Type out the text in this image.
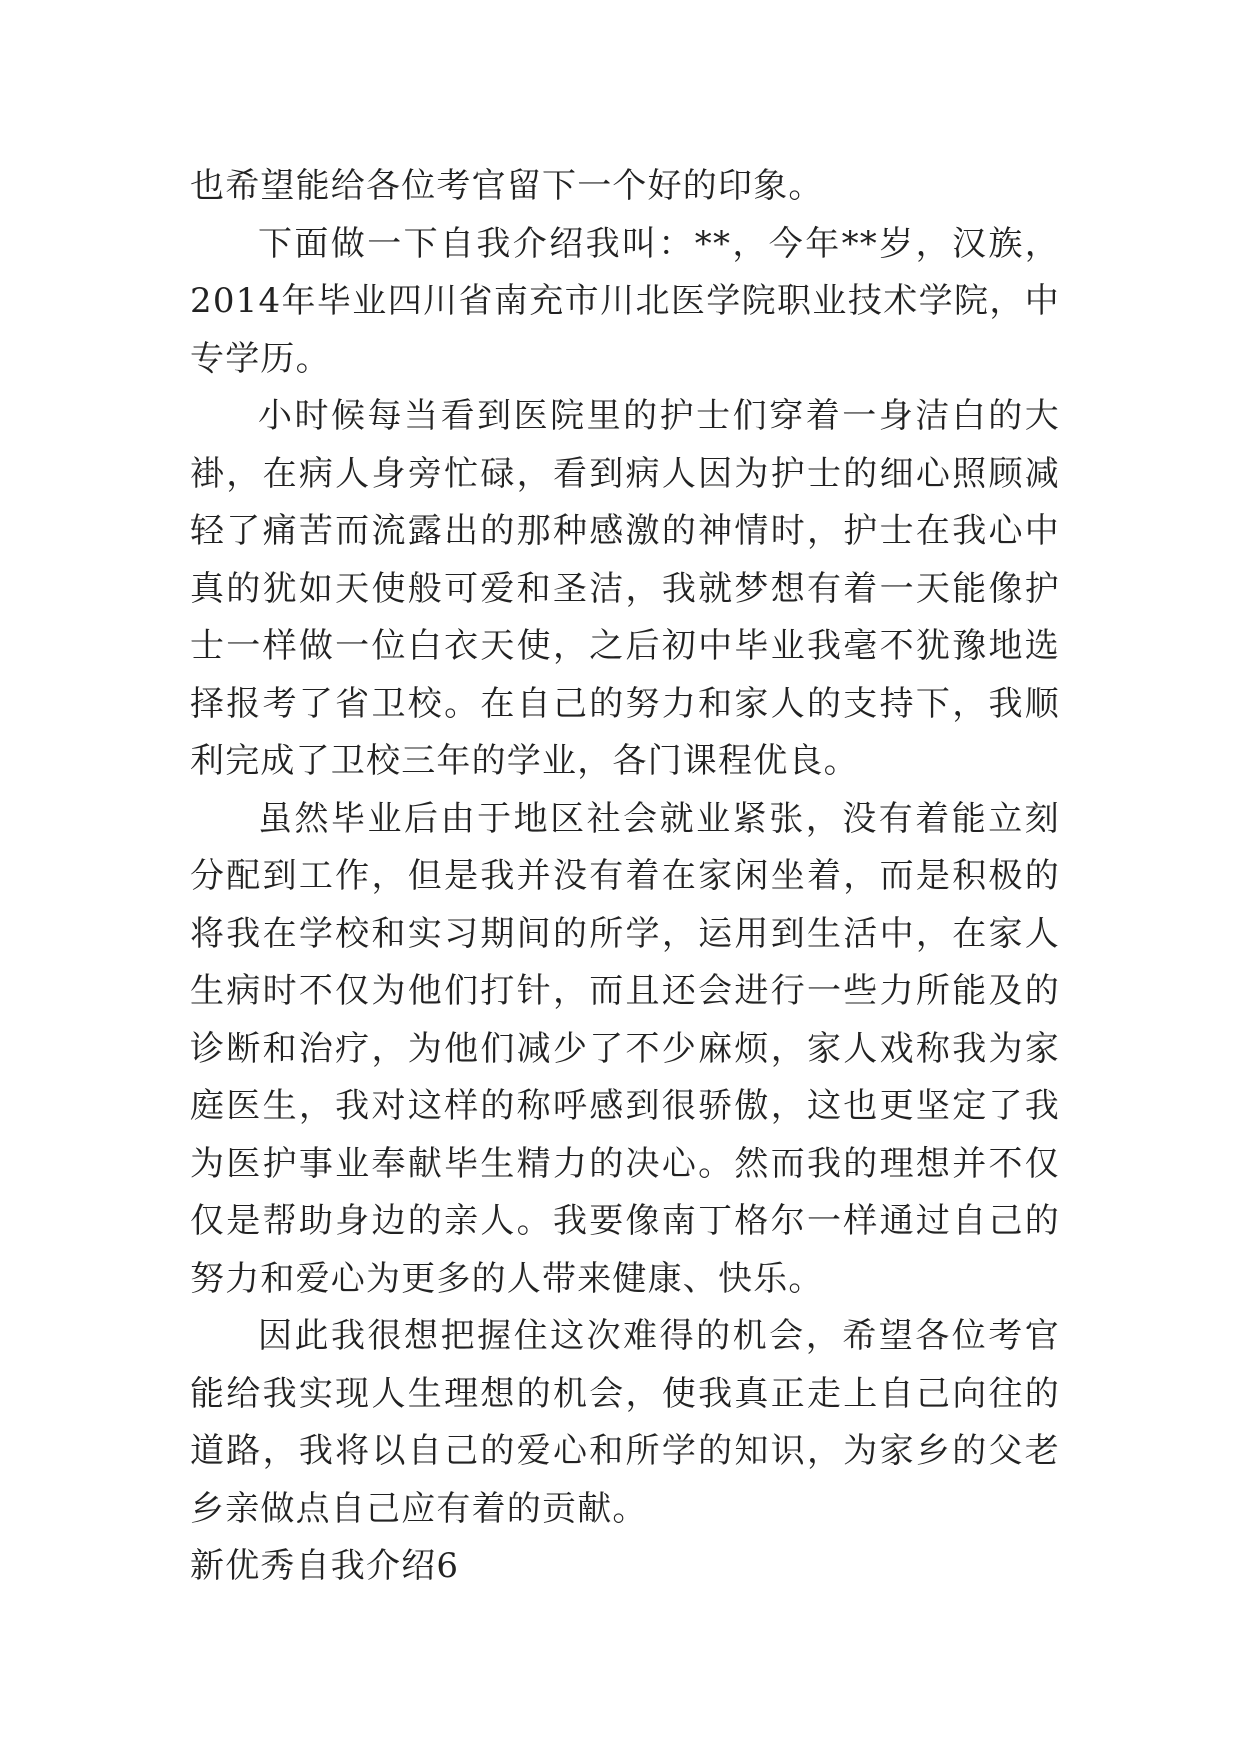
也希望能给各位考官留下一个好的印象。

下面做一下自我介绍我叫：**，今年**岁，汉族，2014年毕业四川省南充市川北医学院职业技术学院，中专学历。

小时候每当看到医院里的护士们穿着一身洁白的大褂，在病人身旁忙碌，看到病人因为护士的细心照顾减轻了痛苦而流露出的那种感激的神情时，护士在我心中真的犹如天使般可爱和圣洁，我就梦想有着一天能像护士一样做一位白衣天使，之后初中毕业我毫不犹豫地选择报考了省卫校。在自己的努力和家人的支持下，我顺利完成了卫校三年的学业，各门课程优良。

虽然毕业后由于地区社会就业紧张，没有着能立刻分配到工作，但是我并没有着在家闲坐着，而是积极的将我在学校和实习期间的所学，运用到生活中，在家人生病时不仅为他们打针，而且还会进行一些力所能及的诊断和治疗，为他们减少了不少麻烦，家人戏称我为家庭医生，我对这样的称呼感到很骄傲，这也更坚定了我为医护事业奉献毕生精力的决心。然而我的理想并不仅仅是帮助身边的亲人。我要像南丁格尔一样通过自己的努力和爱心为更多的人带来健康、快乐。

因此我很想把握住这次难得的机会，希望各位考官能给我实现人生理想的机会，使我真正走上自己向往的道路，我将以自己的爱心和所学的知识，为家乡的父老乡亲做点自己应有着的贡献。

新优秀自我介绍6
